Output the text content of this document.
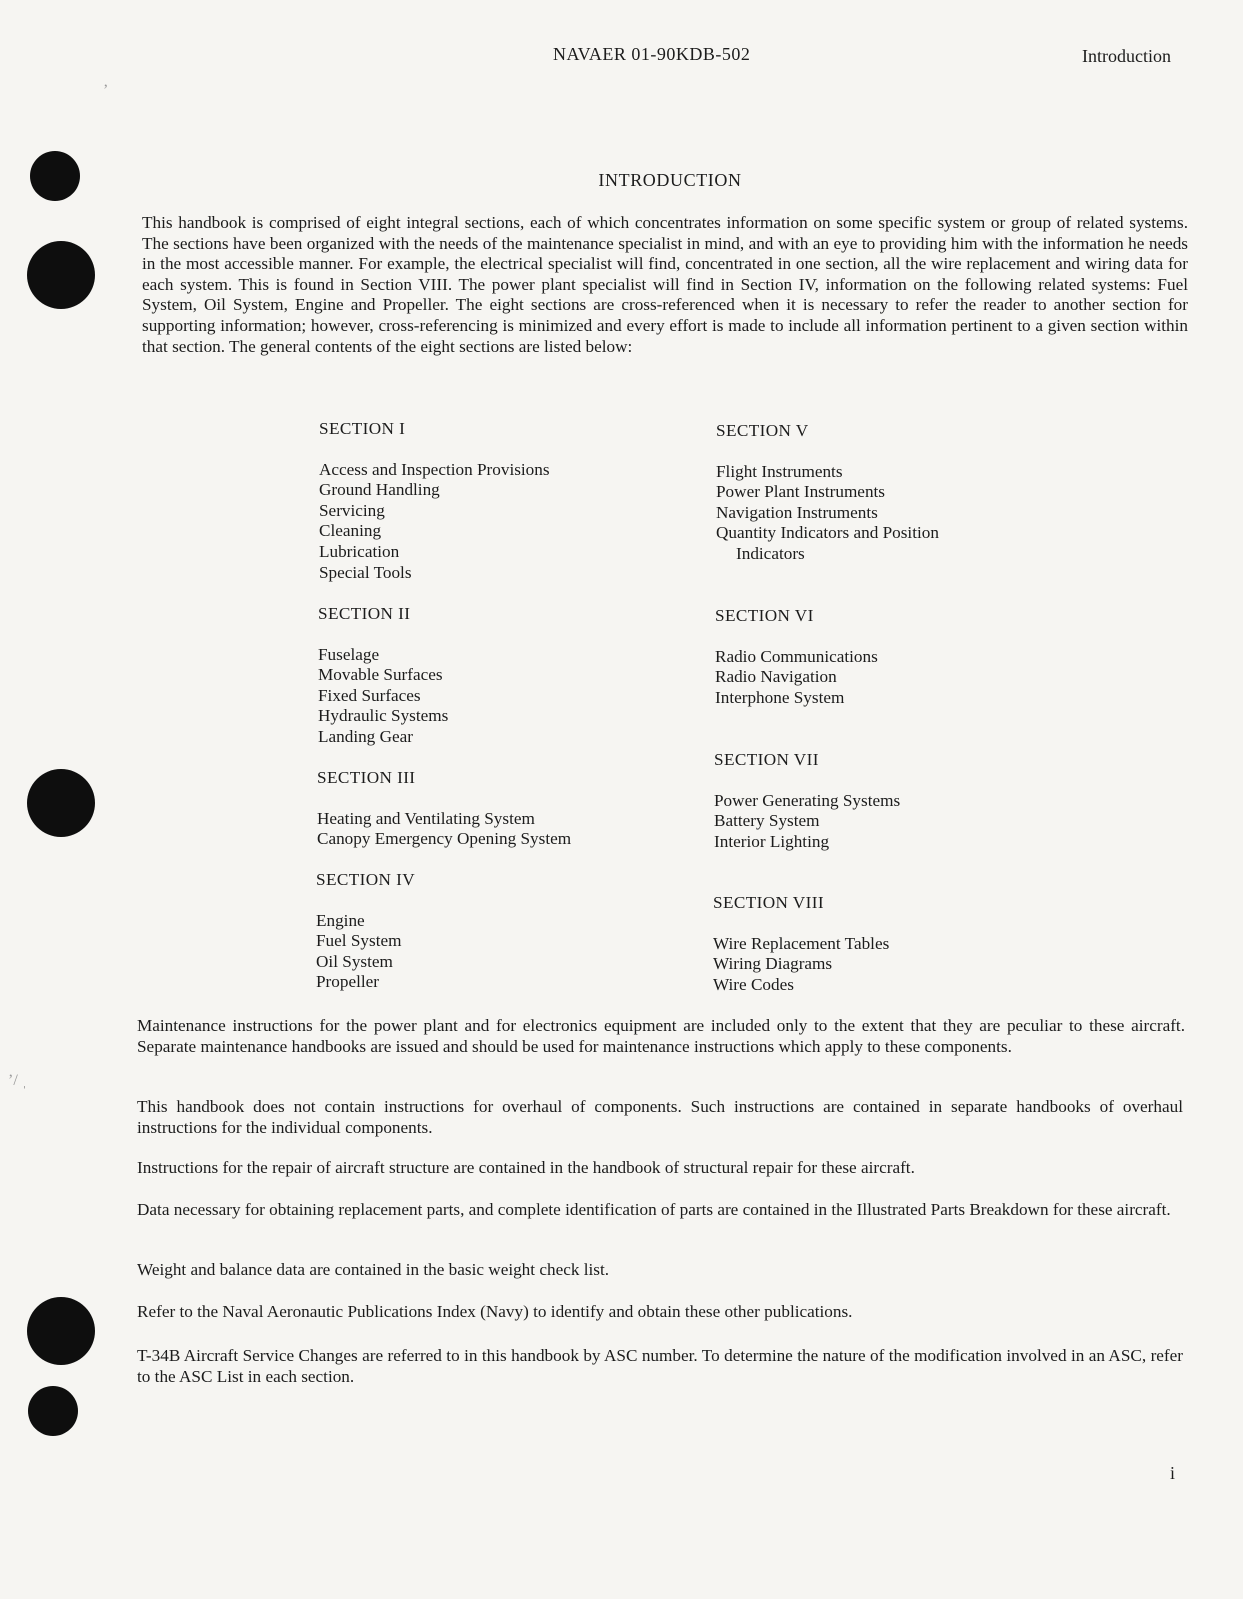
ʼ
ʼ/ ˌ
NAVAER 01-90KDB-502	Introduction
INTRODUCTION
This handbook is comprised of eight integral sections, each of which concentrates information on some specific system or group of related systems. The sections have been organized with the needs of the maintenance specialist in mind, and with an eye to providing him with the information he needs in the most accessible manner. For example, the electrical specialist will find, concentrated in one section, all the wire replacement and wiring data for each system. This is found in Section VIII. The power plant specialist will find in Section IV, information on the following related systems: Fuel System, Oil System, Engine and Propeller. The eight sections are cross-referenced when it is necessary to refer the reader to another section for supporting information; however, cross-referencing is minimized and every effort is made to include all information pertinent to a given section within that section. The general contents of the eight sections are listed below:
SECTION I
Access and Inspection Provisions
Ground Handling
Servicing
Cleaning
Lubrication
Special Tools
SECTION II
Fuselage
Movable Surfaces
Fixed Surfaces
Hydraulic Systems
Landing Gear
SECTION III
Heating and Ventilating System
Canopy Emergency Opening System
SECTION IV
Engine
Fuel System
Oil System
Propeller
SECTION V
Flight Instruments
Power Plant Instruments
Navigation Instruments
Quantity Indicators and Position
Indicators
SECTION VI
Radio Communications
Radio Navigation
Interphone System
SECTION VII
Power Generating Systems
Battery System
Interior Lighting
SECTION VIII
Wire Replacement Tables
Wiring Diagrams
Wire Codes
Maintenance instructions for the power plant and for electronics equipment are included only to the extent that they are peculiar to these aircraft. Separate maintenance handbooks are issued and should be used for maintenance instructions which apply to these components.
This handbook does not contain instructions for overhaul of components. Such instructions are contained in separate handbooks of overhaul instructions for the individual components.
Instructions for the repair of aircraft structure are contained in the handbook of structural repair for these aircraft.
Data necessary for obtaining replacement parts, and complete identification of parts are contained in the Illustrated Parts Breakdown for these aircraft.
Weight and balance data are contained in the basic weight check list.
Refer to the Naval Aeronautic Publications Index (Navy) to identify and obtain these other publications.
T-34B Aircraft Service Changes are referred to in this handbook by ASC number. To determine the nature of the modification involved in an ASC, refer to the ASC List in each section.
i
